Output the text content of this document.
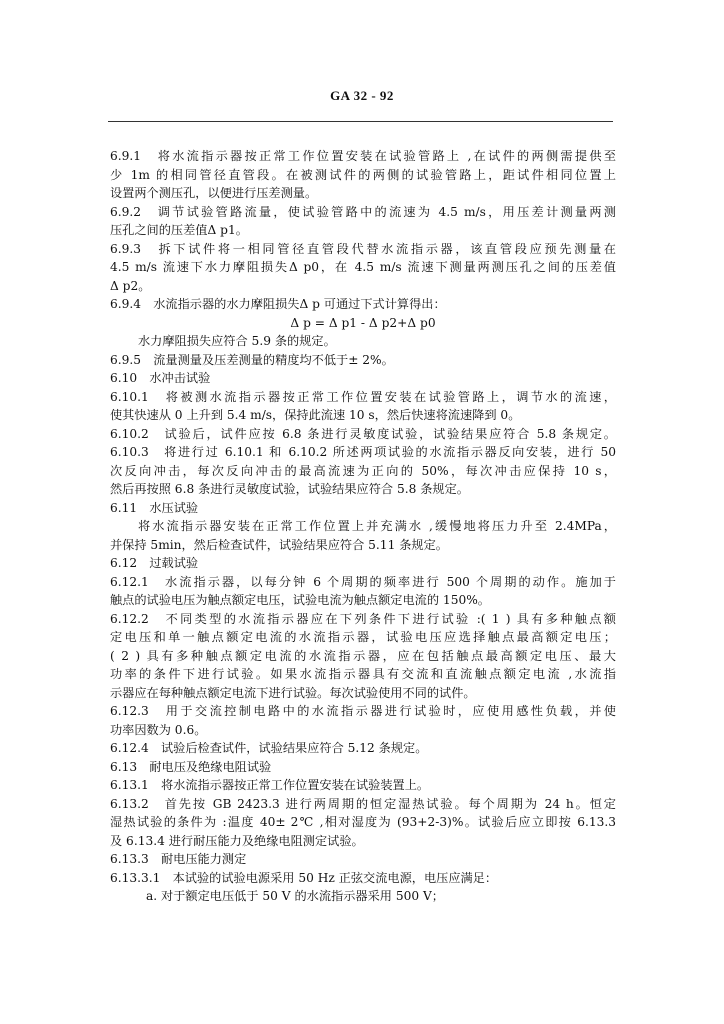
GA 32 - 92
6.9.1　将水流指示器按正常工作位置安装在试验管路上 ,在试件的两侧需提供至
少 1m 的相同管径直管段。在被测试件的两侧的试验管路上，距试件相同位置上
设置两个测压孔，以便进行压差测量。
6.9.2　调节试验管路流量，使试验管路中的流速为 4.5 m/s，用压差计测量两测
压孔之间的压差值Δ p1。
6.9.3　拆下试件将一相同管径直管段代替水流指示器，该直管段应预先测量在
4.5 m/s 流速下水力摩阻损失Δ p0，在 4.5 m/s 流速下测量两测压孔之间的压差值
Δ p2。
6.9.4　水流指示器的水力摩阻损失Δ p 可通过下式计算得出：
Δ p = Δ p1 - Δ p2+Δ p0
水力摩阻损失应符合 5.9 条的规定。
6.9.5　流量测量及压差测量的精度均不低于± 2%。
6.10　水冲击试验
6.10.1　将被测水流指示器按正常工作位置安装在试验管路上，调节水的流速，
使其快速从 0 上升到 5.4 m/s，保持此流速 10 s，然后快速将流速降到 0。
6.10.2　试验后，试件应按 6.8 条进行灵敏度试验，试验结果应符合 5.8 条规定。
6.10.3　将进行过 6.10.1 和 6.10.2 所述两项试验的水流指示器反向安装，进行 50
次反向冲击，每次反向冲击的最高流速为正向的 50%，每次冲击应保持 10 s，
然后再按照 6.8 条进行灵敏度试验，试验结果应符合 5.8 条规定。
6.11　水压试验
将水流指示器安装在正常工作位置上并充满水 ,缓慢地将压力升至 2.4MPa，
并保持 5min，然后检查试件，试验结果应符合 5.11 条规定。
6.12　过载试验
6.12.1　水流指示器，以每分钟 6 个周期的频率进行 500 个周期的动作。施加于
触点的试验电压为触点额定电压，试验电流为触点额定电流的 150%。
6.12.2　不同类型的水流指示器应在下列条件下进行试验 :( 1 ) 具有多种触点额
定电压和单一触点额定电流的水流指示器，试验电压应选择触点最高额定电压；
( 2 ) 具有多种触点额定电流的水流指示器，应在包括触点最高额定电压、最大
功率的条件下进行试验。如果水流指示器具有交流和直流触点额定电流 ,水流指
示器应在每种触点额定电流下进行试验。每次试验使用不同的试件。
6.12.3　用于交流控制电路中的水流指示器进行试验时，应使用感性负载，并使
功率因数为 0.6。
6.12.4　试验后检查试件，试验结果应符合 5.12 条规定。
6.13　耐电压及绝缘电阻试验
6.13.1　将水流指示器按正常工作位置安装在试验装置上。
6.13.2　首先按 GB 2423.3 进行两周期的恒定湿热试验。每个周期为 24 h。恒定
湿热试验的条件为 :温度 40± 2℃ ,相对湿度为 (93+2-3)%。试验后应立即按 6.13.3
及 6.13.4 进行耐压能力及绝缘电阻测定试验。
6.13.3　耐电压能力测定
6.13.3.1　本试验的试验电源采用 50 Hz 正弦交流电源，电压应满足：
a. 对于额定电压低于 50 V 的水流指示器采用 500 V；
